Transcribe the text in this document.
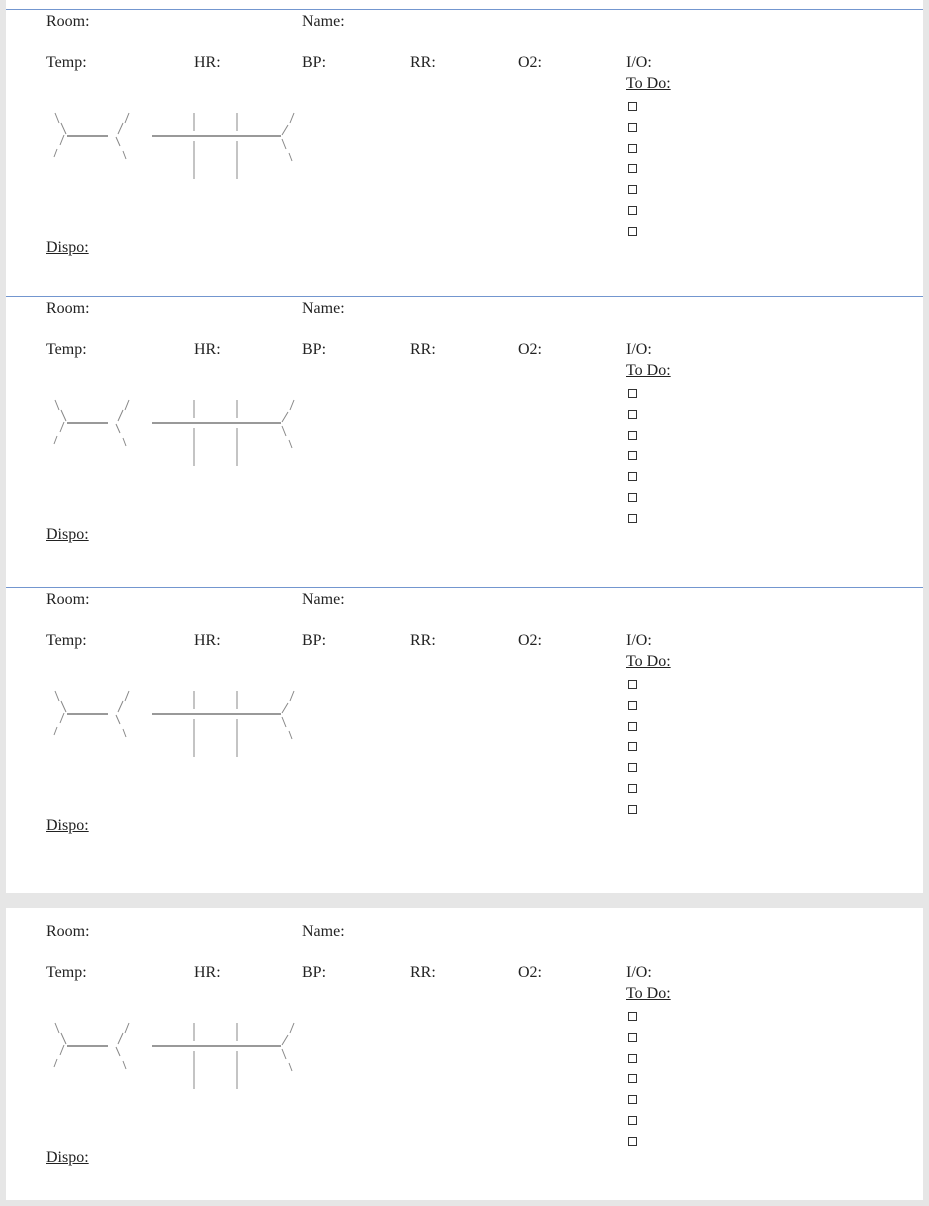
Room:	Name:
Temp:	HR:	BP:	RR:	O2:	I/O:
To Do:
Dispo:
Room:	Name:
Temp:	HR:	BP:	RR:	O2:	I/O:
To Do:
Dispo:
Room:	Name:
Temp:	HR:	BP:	RR:	O2:	I/O:
To Do:
Dispo:
Room:	Name:
Temp:	HR:	BP:	RR:	O2:	I/O:
To Do:
Dispo:
